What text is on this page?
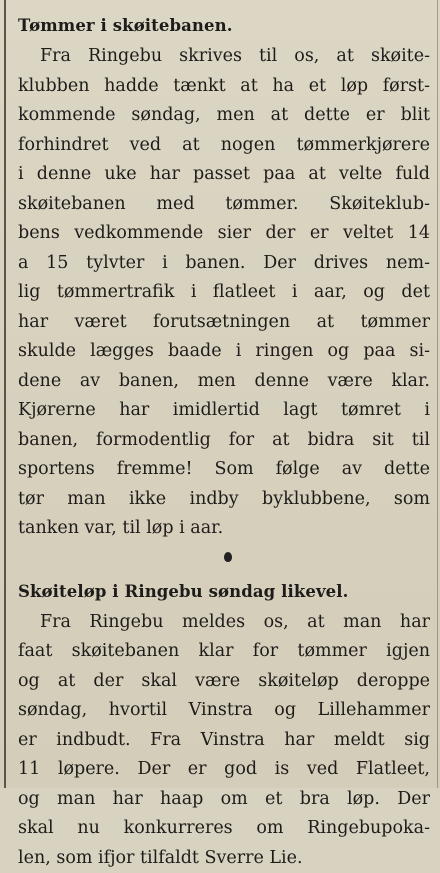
Tømmer i skøitebanen.
Fra Ringebu skrives til os, at skøite-
klubben hadde tænkt at ha et løp først-
kommende søndag, men at dette er blit
forhindret ved at nogen tømmerkjørere
i denne uke har passet paa at velte fuld
skøitebanen med tømmer. Skøiteklub-
bens vedkommende sier der er veltet 14
a 15 tylvter i banen. Der drives nem-
lig tømmertrafik i flatleet i aar, og det
har været forutsætningen at tømmer
skulde lægges baade i ringen og paa si-
dene av banen, men denne være klar.
Kjørerne har imidlertid lagt tømret i
banen, formodentlig for at bidra sit til
sportens fremme! Som følge av dette
tør man ikke indby byklubbene, som
tanken var, til løp i aar.
Skøiteløp i Ringebu søndag likevel.
Fra Ringebu meldes os, at man har
faat skøitebanen klar for tømmer igjen
og at der skal være skøiteløp deroppe
søndag, hvortil Vinstra og Lillehammer
er indbudt. Fra Vinstra har meldt sig
11 løpere. Der er god is ved Flatleet,
og man har haap om et bra løp. Der
skal nu konkurreres om Ringebupoka-
len, som ifjor tilfaldt Sverre Lie.
